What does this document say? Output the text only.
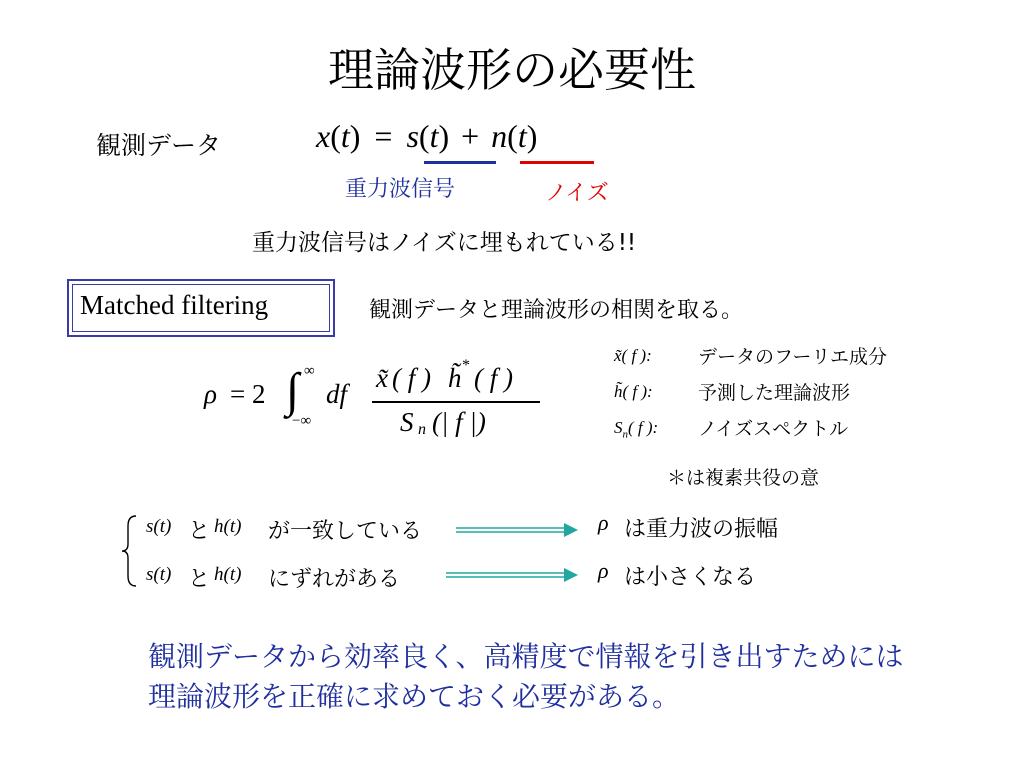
理論波形の必要性
観測データ	x(t) = s(t) + n(t)
重力波信号	ノイズ
重力波信号はノイズに埋もれている!!
Matched filtering	観測データと理論波形の相関を取る。
ρ = 2 ∫ ∞
−∞
df
x̃ ( f ) h̃ * ( f )
S n (| f |)
x̃( f ): データのフーリエ成分
h̃( f ): 予測した理論波形
$S_n$( f ): ノイズスペクトル
＊は複素共役の意
s(t) と h(t) が一致している	ρ は重力波の振幅
s(t) と h(t) にずれがある	ρ は小さくなる
観測データから効率良く、高精度で情報を引き出すためには理論波形を正確に求めておく必要がある。
